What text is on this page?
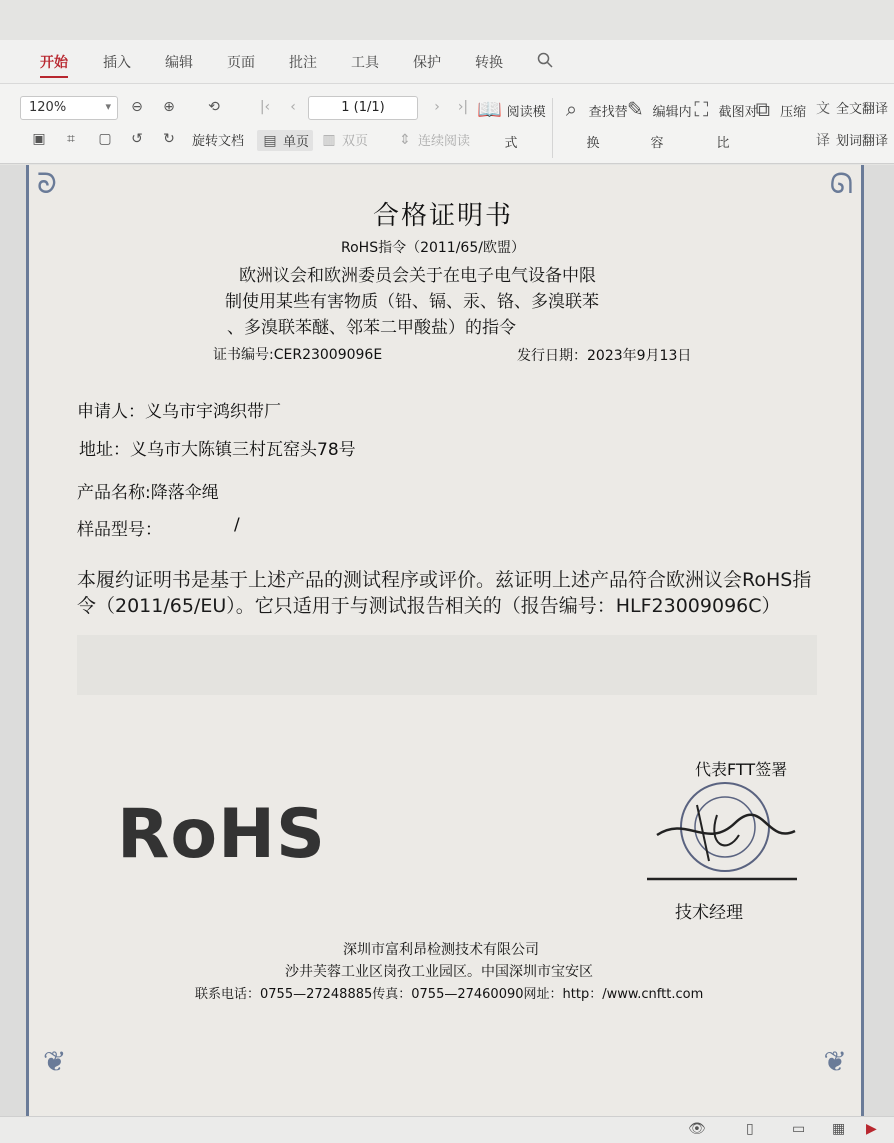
开始	插入 编辑 页面 批注 工具 保护 转换
120%	▾ ⊖ ⊕ ⟲	|‹	‹	1 (1/1)	›	›|
▣	⌗	▢ ↺ ↻ 旋转文档 ▤ 单页 ▥ 双页 ⇕ 连续阅读
📖 阅读模式
⌕ 查找替换
✎ 编辑内容
⛶ 截图对比
⧉ 压缩 文 全文翻译
译 划词翻译
ᘐ	ᘏ
❦	❦
合格证明书
RoHS指令（2011/65/欧盟）
欧洲议会和欧洲委员会关于在电子电气设备中限
制使用某些有害物质（铅、镉、汞、铬、多溴联苯
、多溴联苯醚、邻苯二甲酸盐）的指令
证书编号:CER23009096E	发行日期：2023年9月13日
申请人：义乌市宇鸿织带厂
地址：义乌市大陈镇三村瓦窑头78号
产品名称:降落伞绳
样品型号：	/
本履约证明书是基于上述产品的测试程序或评价。兹证明上述产品符合欧洲议会RoHS指令（2011/65/EU）。它只适用于与测试报告相关的（报告编号：HLF23009096C）
RoHS
代表FTT签署
技术经理
深圳市富利昂检测技术有限公司
沙井芙蓉工业区岗孜工业园区。中国深圳市宝安区
联系电话：0755—27248885传真：0755—27460090网址：http：/www.cnftt.com
👁	▯	▭ ▦ ▶
